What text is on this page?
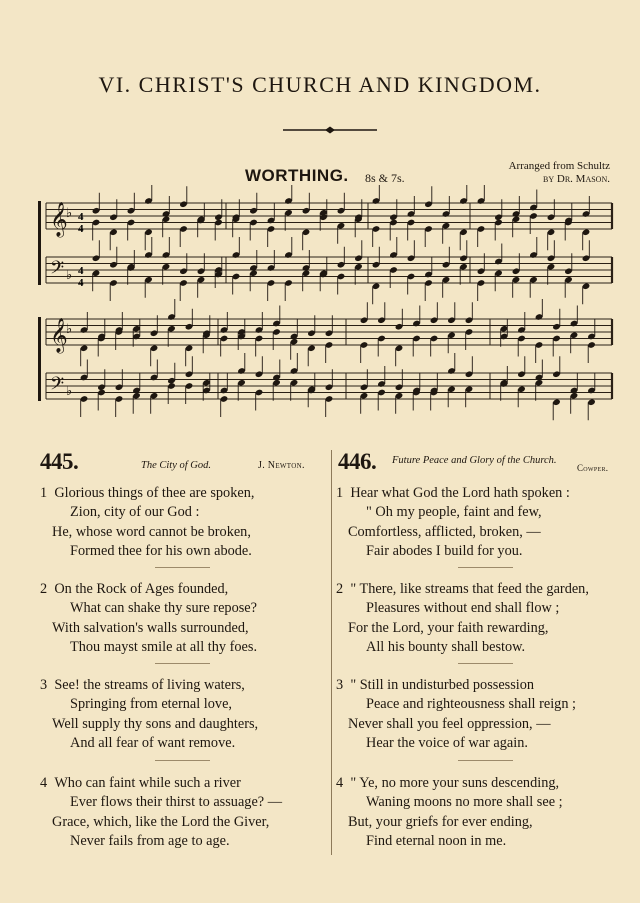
VI. CHRIST'S CHURCH AND KINGDOM.
WORTHING. 8s & 7s.
Arranged from Schultz
by Dr. Mason.
𝄞
♭
𝄢 ♭
𝄞
♭
𝄢 ♭
4
4
4
4
445.	The City of God.	J. Newton. 446. Future Peace and Glory of the Church.
Cowper.
1 Glorious things of thee are spoken,
Zion, city of our God :
He, whose word cannot be broken,
Formed thee for his own abode.
2 On the Rock of Ages founded,
What can shake thy sure repose?
With salvation's walls surrounded,
Thou mayst smile at all thy foes.
3 See! the streams of living waters,
Springing from eternal love,
Well supply thy sons and daughters,
And all fear of want remove.
4 Who can faint while such a river
Ever flows their thirst to assuage? —
Grace, which, like the Lord the Giver,
Never fails from age to age.
1 Hear what God the Lord hath spoken :
" Oh my people, faint and few,
Comfortless, afflicted, broken, —
Fair abodes I build for you.
2 " There, like streams that feed the garden,
Pleasures without end shall flow ;
For the Lord, your faith rewarding,
All his bounty shall bestow.
3 " Still in undisturbed possession
Peace and righteousness shall reign ;
Never shall you feel oppression, —
Hear the voice of war again.
4 " Ye, no more your suns descending,
Waning moons no more shall see ;
But, your griefs for ever ending,
Find eternal noon in me.
